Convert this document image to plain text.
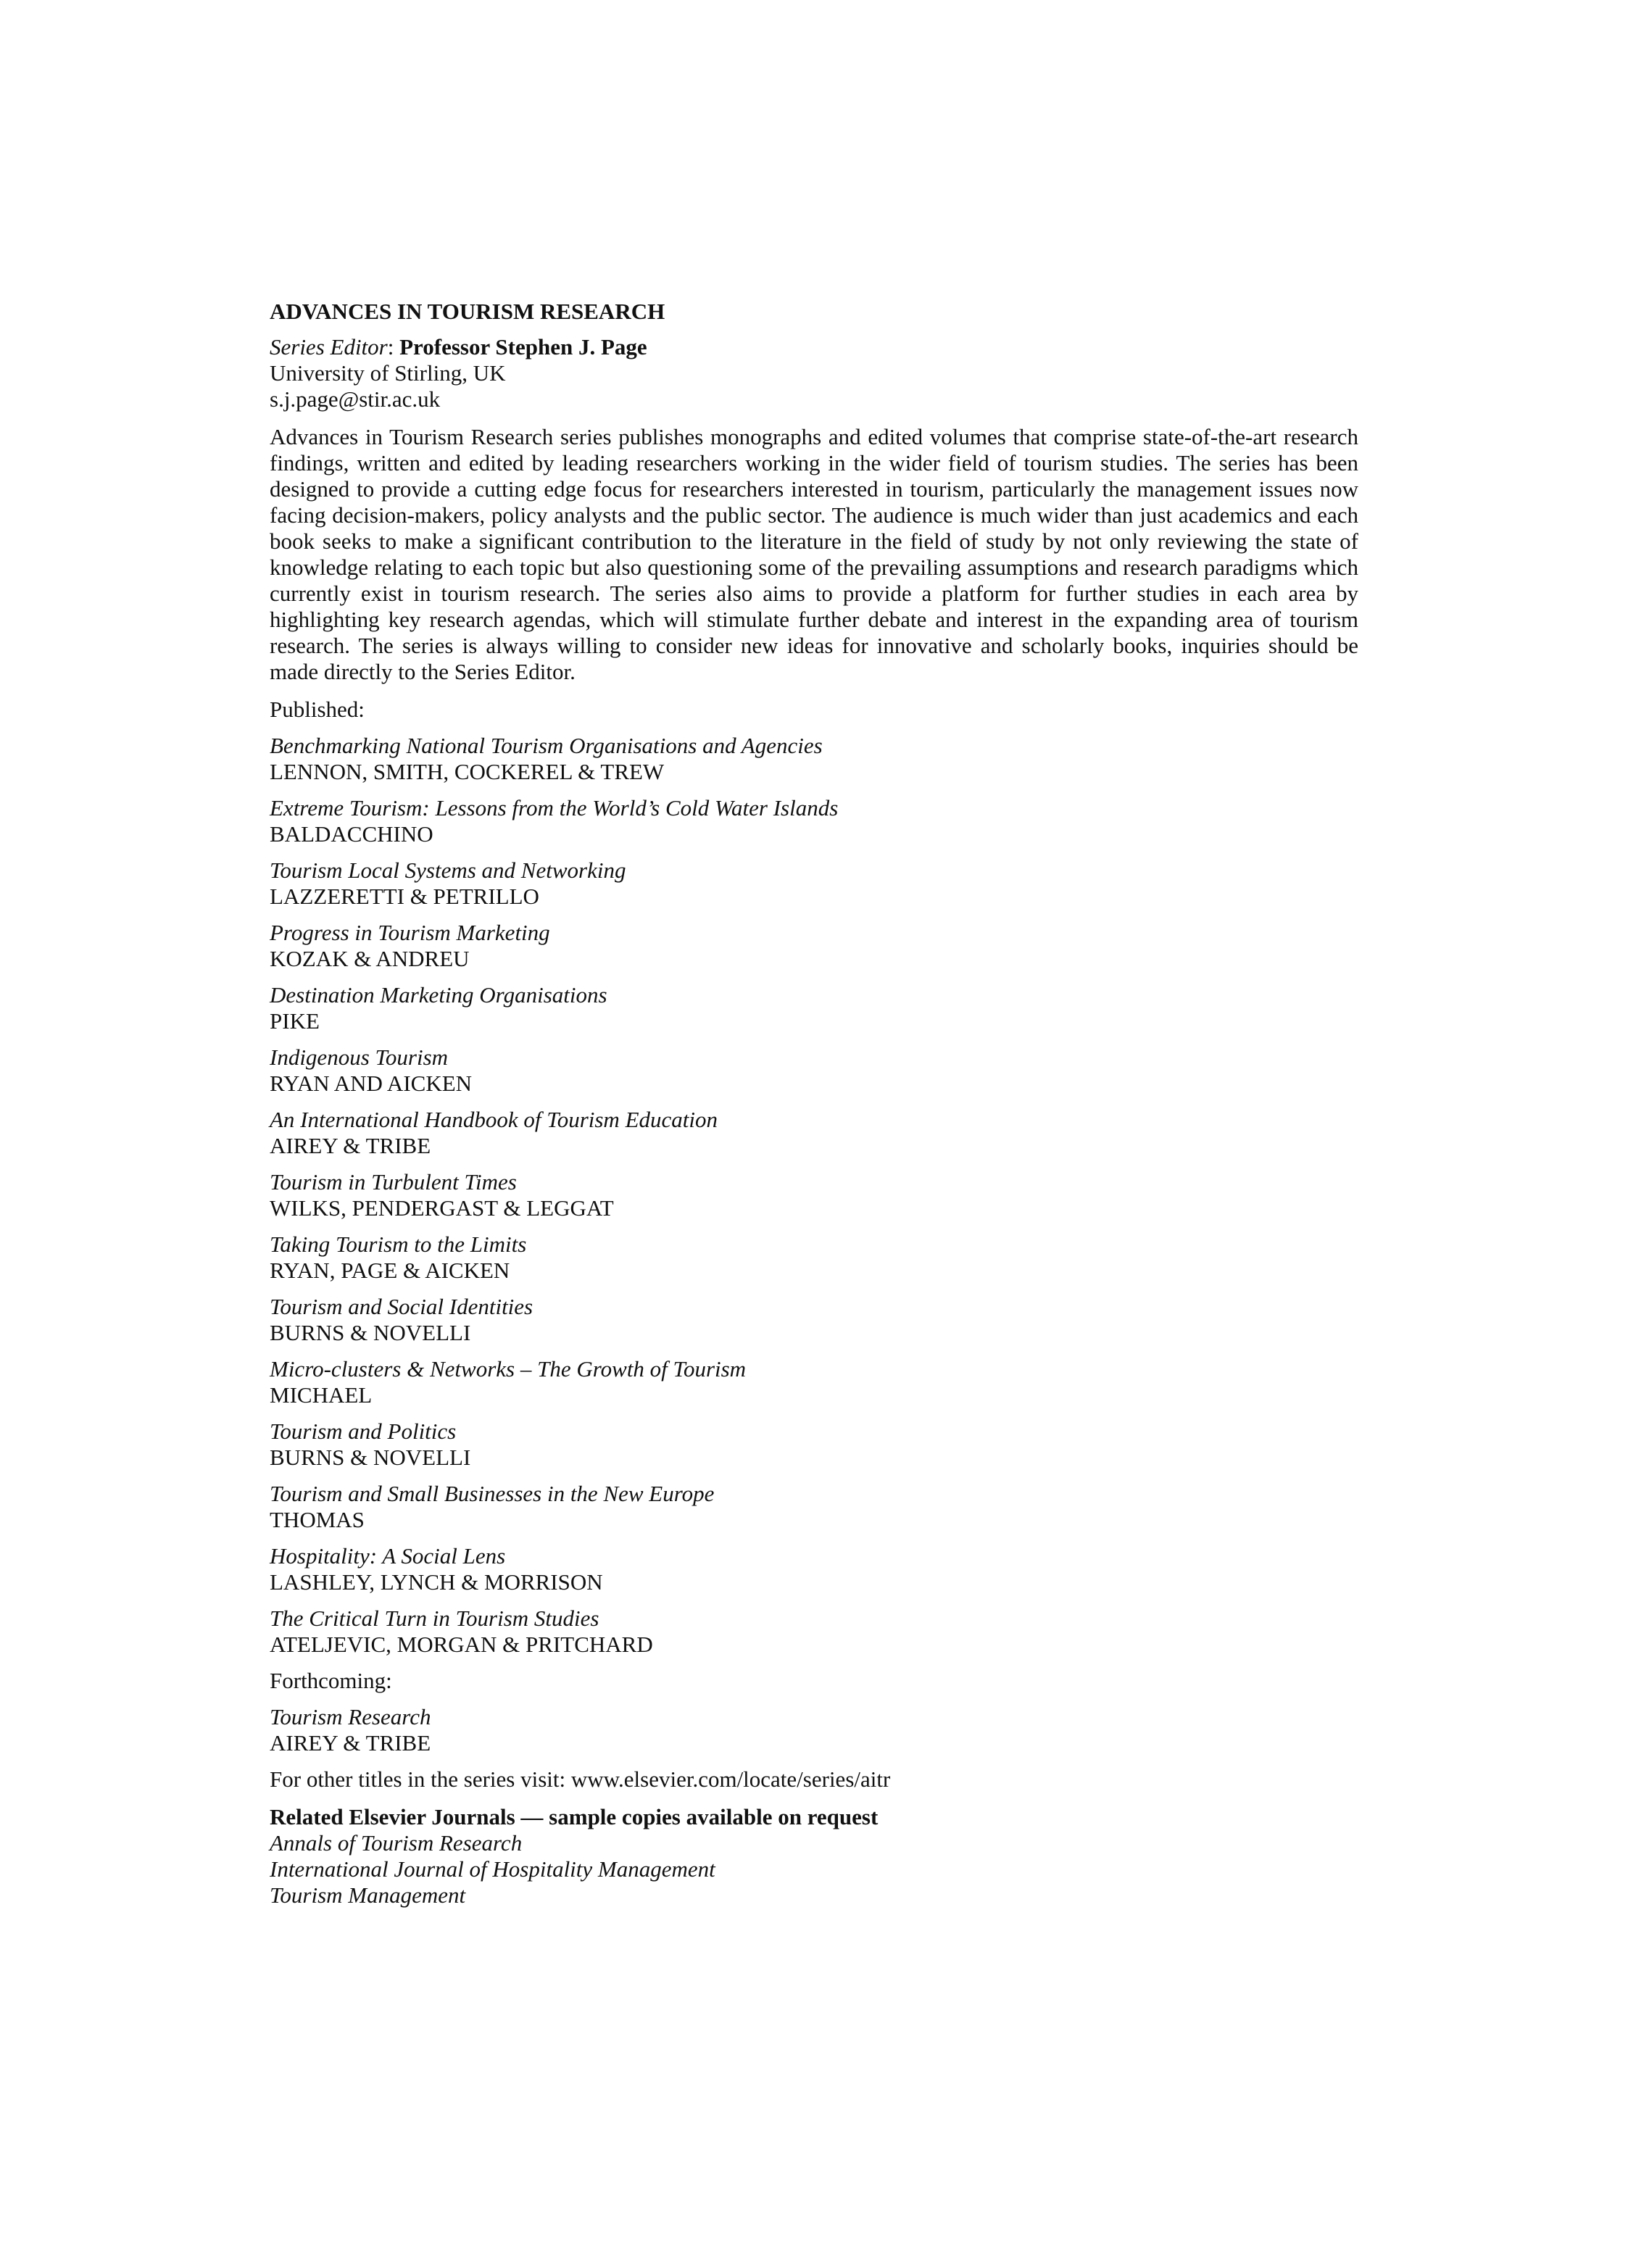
ADVANCES IN TOURISM RESEARCH
Series Editor: Professor Stephen J. Page
University of Stirling, UK
s.j.page@stir.ac.uk
Advances in Tourism Research series publishes monographs and edited volumes that comprise state-of-the-art research findings, written and edited by leading researchers working in the wider field of tourism studies. The series has been designed to provide a cutting edge focus for researchers interested in tourism, particularly the management issues now facing decision-makers, policy analysts and the public sector. The audience is much wider than just academics and each book seeks to make a significant contribution to the literature in the field of study by not only reviewing the state of knowledge relating to each topic but also questioning some of the prevailing assumptions and research paradigms which currently exist in tourism research. The series also aims to provide a platform for further studies in each area by highlighting key research agendas, which will stimulate further debate and interest in the expanding area of tourism research. The series is always willing to consider new ideas for innovative and scholarly books, inquiries should be made directly to the Series Editor.
Published:
Benchmarking National Tourism Organisations and Agencies
LENNON, SMITH, COCKEREL & TREW
Extreme Tourism: Lessons from the World’s Cold Water Islands
BALDACCHINO
Tourism Local Systems and Networking
LAZZERETTI & PETRILLO
Progress in Tourism Marketing
KOZAK & ANDREU
Destination Marketing Organisations
PIKE
Indigenous Tourism
RYAN AND AICKEN
An International Handbook of Tourism Education
AIREY & TRIBE
Tourism in Turbulent Times
WILKS, PENDERGAST & LEGGAT
Taking Tourism to the Limits
RYAN, PAGE & AICKEN
Tourism and Social Identities
BURNS & NOVELLI
Micro-clusters & Networks – The Growth of Tourism
MICHAEL
Tourism and Politics
BURNS & NOVELLI
Tourism and Small Businesses in the New Europe
THOMAS
Hospitality: A Social Lens
LASHLEY, LYNCH & MORRISON
The Critical Turn in Tourism Studies
ATELJEVIC, MORGAN & PRITCHARD
Forthcoming:
Tourism Research
AIREY & TRIBE
For other titles in the series visit: www.elsevier.com/locate/series/aitr
Related Elsevier Journals — sample copies available on request
Annals of Tourism Research
International Journal of Hospitality Management
Tourism Management
